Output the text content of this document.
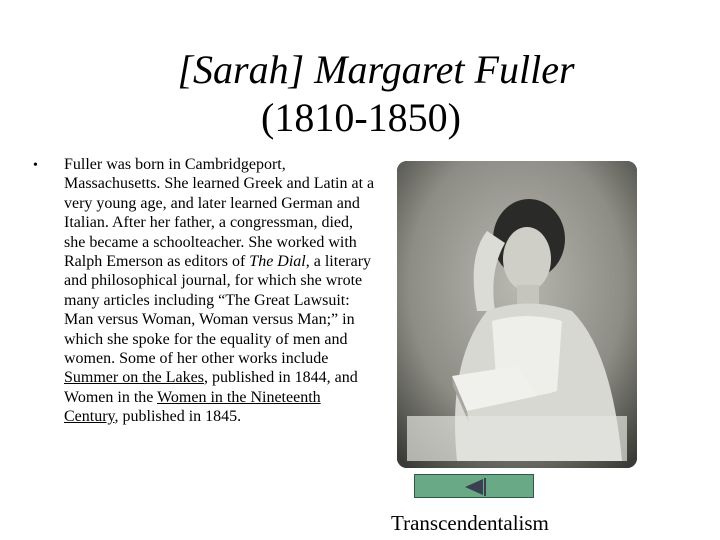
[Sarah] Margaret Fuller
(1810-1850)
• Fuller was born in Cambridgeport, Massachusetts. She learned Greek and Latin at a very young age, and later learned German and Italian. After her father, a congressman, died, she became a schoolteacher. She worked with Ralph Emerson as editors of The Dial, a literary and philosophical journal, for which she wrote many articles including “The Great Lawsuit: Man versus Woman, Woman versus Man;” in which she spoke for the equality of men and women. Some of her other works include Summer on the Lakes, published in 1844, and Women in the Women in the Nineteenth Century, published in 1845.
Transcendentalism
